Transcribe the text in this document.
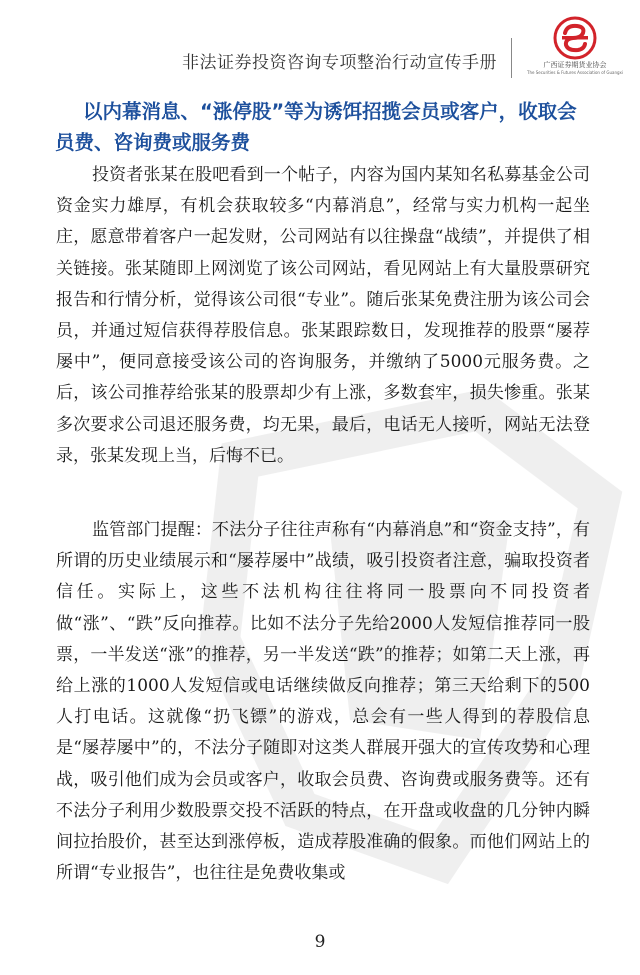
非法证券投资咨询专项整治行动宣传手册	广西证券期货业协会
The Securities & Futures Association of Guangxi
以内幕消息、“涨停股”等为诱饵招揽会员或客户，收取会员费、咨询费或服务费

投资者张某在股吧看到一个帖子，内容为国内某知名私募基金公司资金实力雄厚，有机会获取较多“内幕消息”，经常与实力机构一起坐庄，愿意带着客户一起发财，公司网站有以往操盘“战绩”，并提供了相关链接。张某随即上网浏览了该公司网站，看见网站上有大量股票研究报告和行情分析，觉得该公司很“专业”。随后张某免费注册为该公司会员，并通过短信获得荐股信息。张某跟踪数日，发现推荐的股票“屡荐屡中”，便同意接受该公司的咨询服务，并缴纳了5000元服务费。之后，该公司推荐给张某的股票却少有上涨，多数套牢，损失惨重。张某多次要求公司退还服务费，均无果，最后，电话无人接听，网站无法登录，张某发现上当，后悔不已。

监管部门提醒：不法分子往往声称有“内幕消息”和“资金支持”，有所谓的历史业绩展示和“屡荐屡中”战绩，吸引投资者注意，骗取投资者信任。实际上，这些不法机构往往将同一股票向不同投资者做“涨”、“跌”反向推荐。比如不法分子先给2000人发短信推荐同一股票，一半发送“涨”的推荐，另一半发送“跌”的推荐；如第二天上涨，再给上涨的1000人发短信或电话继续做反向推荐；第三天给剩下的500人打电话。这就像“扔飞镖”的游戏，总会有一些人得到的荐股信息是“屡荐屡中”的，不法分子随即对这类人群展开强大的宣传攻势和心理战，吸引他们成为会员或客户，收取会员费、咨询费或服务费等。还有不法分子利用少数股票交投不活跃的特点，在开盘或收盘的几分钟内瞬间拉抬股价，甚至达到涨停板，造成荐股准确的假象。而他们网站上的所谓“专业报告”，也往往是免费收集或

9
